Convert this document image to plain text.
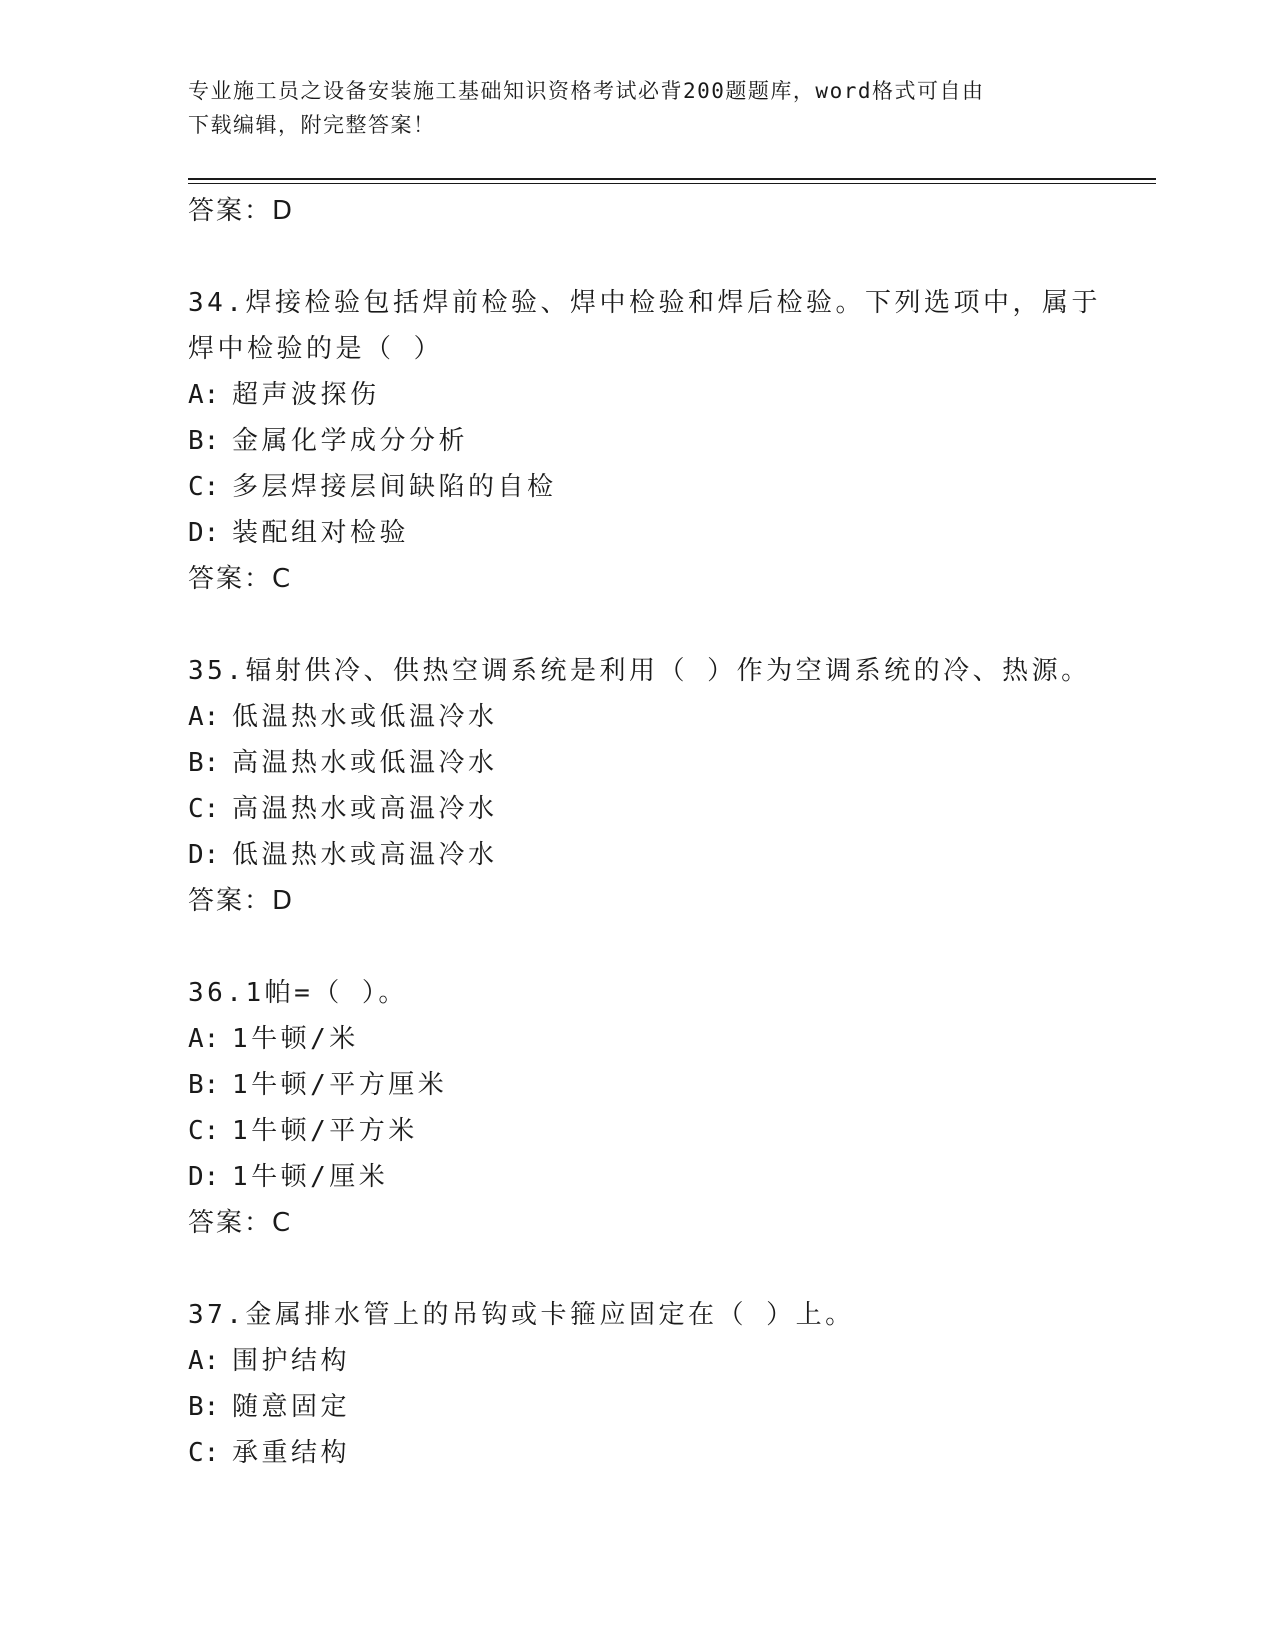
专业施工员之设备安装施工基础知识资格考试必背200题题库，word格式可自由

下载编辑，附完整答案！

答案：D
34.焊接检验包括焊前检验、焊中检验和焊后检验。下列选项中，属于
焊中检验的是（ ）
A: 超声波探伤
B: 金属化学成分分析
C: 多层焊接层间缺陷的自检
D: 装配组对检验
答案：C
35.辐射供冷、供热空调系统是利用（ ）作为空调系统的冷、热源。
A: 低温热水或低温冷水
B: 高温热水或低温冷水
C: 高温热水或高温冷水
D: 低温热水或高温冷水
答案：D
36.1帕=（ ）。
A: 1牛顿/米
B: 1牛顿/平方厘米
C: 1牛顿/平方米
D: 1牛顿/厘米
答案：C
37.金属排水管上的吊钩或卡箍应固定在（ ）上。
A: 围护结构
B: 随意固定
C: 承重结构
